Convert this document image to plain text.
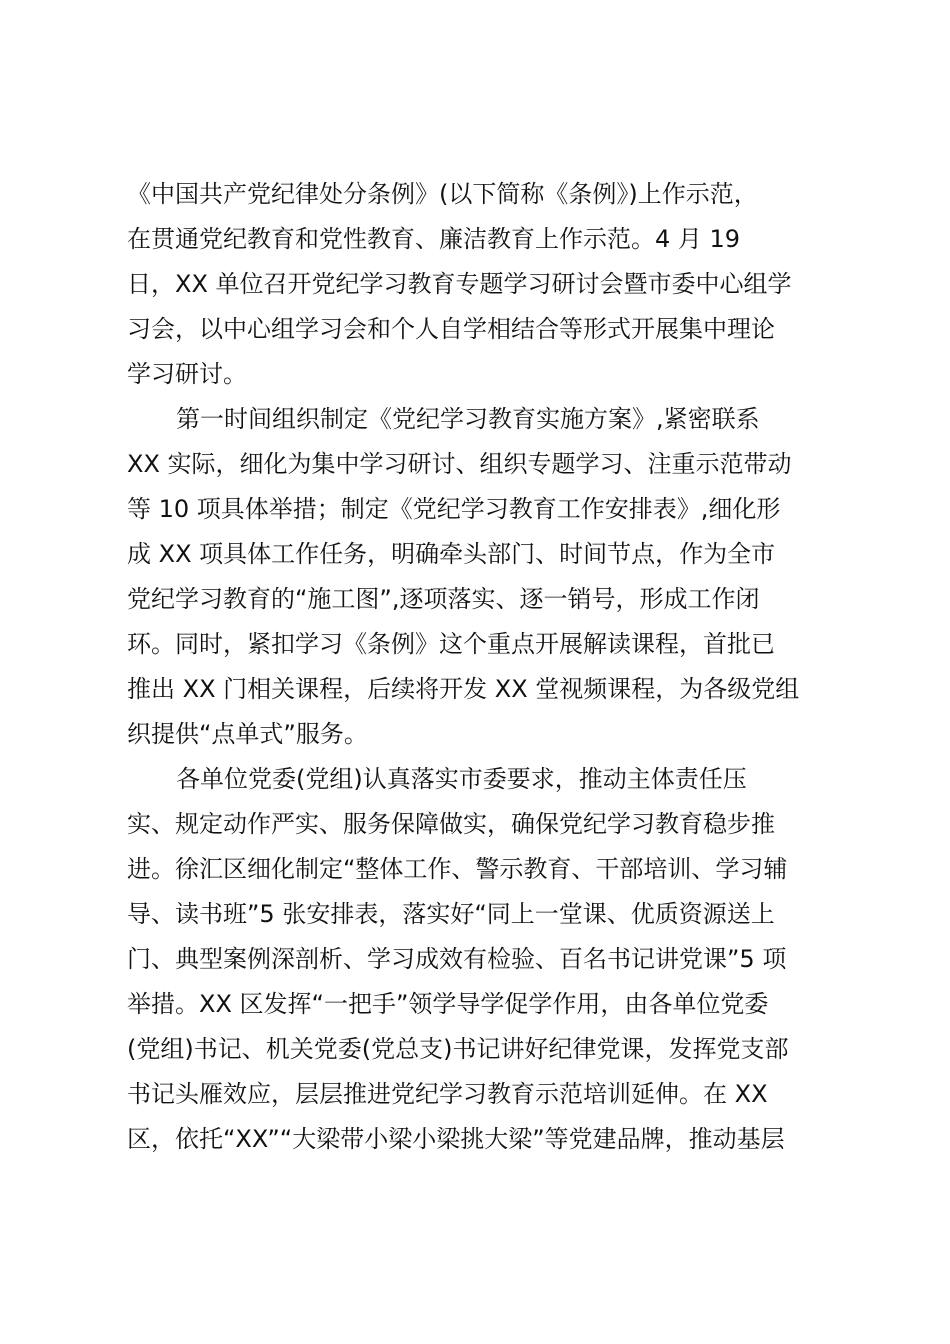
《中国共产党纪律处分条例》(以下简称《条例》)上作示范，
在贯通党纪教育和党性教育、廉洁教育上作示范。4 月 19
日，XX 单位召开党纪学习教育专题学习研讨会暨市委中心组学
习会，以中心组学习会和个人自学相结合等形式开展集中理论
学习研讨。
第一时间组织制定《党纪学习教育实施方案》,紧密联系
XX 实际，细化为集中学习研讨、组织专题学习、注重示范带动
等 10 项具体举措；制定《党纪学习教育工作安排表》,细化形
成 XX 项具体工作任务，明确牵头部门、时间节点，作为全市
党纪学习教育的“施工图”,逐项落实、逐一销号，形成工作闭
环。同时，紧扣学习《条例》这个重点开展解读课程，首批已
推出 XX 门相关课程，后续将开发 XX 堂视频课程，为各级党组
织提供“点单式”服务。
各单位党委(党组)认真落实市委要求，推动主体责任压
实、规定动作严实、服务保障做实，确保党纪学习教育稳步推
进。徐汇区细化制定“整体工作、警示教育、干部培训、学习辅
导、读书班”5 张安排表，落实好“同上一堂课、优质资源送上
门、典型案例深剖析、学习成效有检验、百名书记讲党课”5 项
举措。XX 区发挥“一把手”领学导学促学作用，由各单位党委
(党组)书记、机关党委(党总支)书记讲好纪律党课，发挥党支部
书记头雁效应，层层推进党纪学习教育示范培训延伸。在 XX
区，依托“XX”“大梁带小梁小梁挑大梁”等党建品牌，推动基层
